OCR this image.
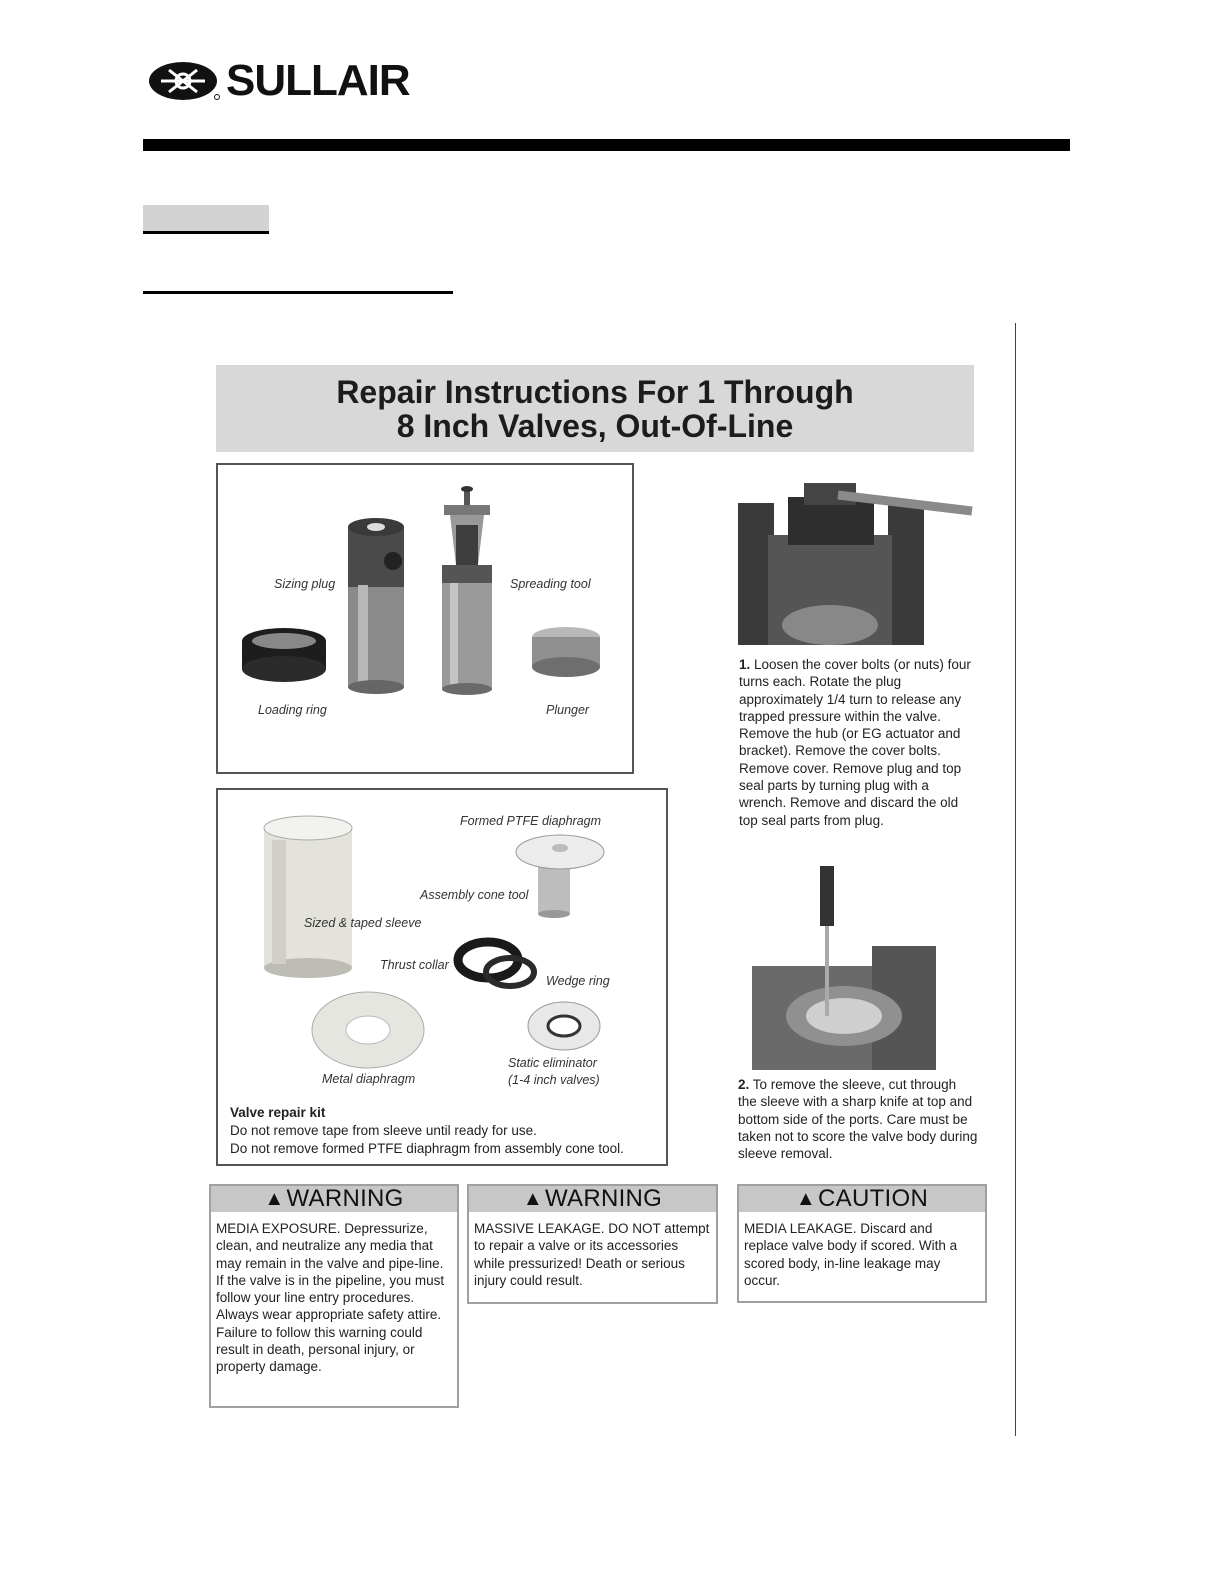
SULLAIR
Repair Instructions For 1 Through
8 Inch Valves, Out-Of-Line
Sizing plug	Spreading tool
Loading ring	Plunger
Formed PTFE diaphragm
Assembly cone tool
Sized & taped sleeve
Thrust collar
Wedge ring
Static eliminator
(1-4 inch valves)
Metal diaphragm
Valve repair kit
Do not remove tape from sleeve until ready for use.
Do not remove formed PTFE diaphragm from assembly cone tool.
1. Loosen the cover bolts (or nuts) four turns each. Rotate the plug approximately 1/4 turn to release any trapped pressure within the valve. Remove the hub (or EG actuator and bracket). Remove the cover bolts. Remove cover. Remove plug and top seal parts by turning plug with a wrench. Remove and discard the old top seal parts from plug.
2. To remove the sleeve, cut through the sleeve with a sharp knife at top and bottom side of the ports. Care must be taken not to score the valve body during sleeve removal.
▲ WARNING
MEDIA EXPOSURE. Depressurize, clean, and neutralize any media that may remain in the valve and pipe-line. If the valve is in the pipeline, you must follow your line entry procedures. Always wear appropriate safety attire. Failure to follow this warning could result in death, personal injury, or property damage.
▲ WARNING
MASSIVE LEAKAGE. DO NOT attempt to repair a valve or its accessories while pressurized! Death or serious injury could result.
▲ CAUTION
MEDIA LEAKAGE. Discard and replace valve body if scored. With a scored body, in-line leakage may occur.
